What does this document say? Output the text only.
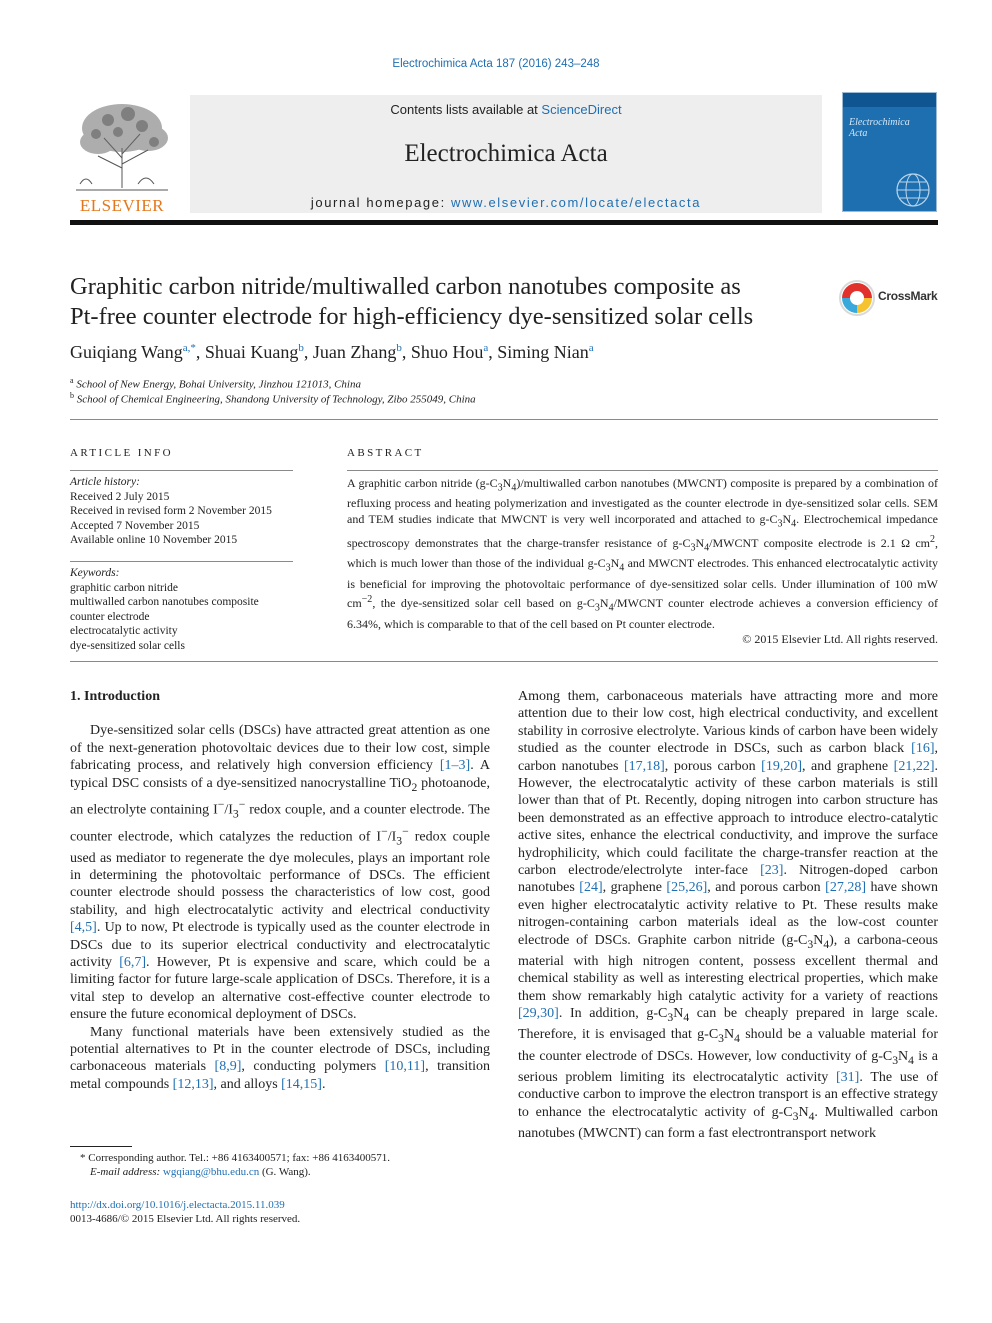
Electrochimica Acta 187 (2016) 243–248
ELSEVIER
Contents lists available at ScienceDirect
Electrochimica Acta
journal homepage: www.elsevier.com/locate/electacta
Electrochimica Acta
Graphitic carbon nitride/multiwalled carbon nanotubes composite as
Pt-free counter electrode for high-efficiency dye-sensitized solar cells
CrossMark
Guiqiang Wang$^{a,*}$, Shuai Kuang$^b$, Juan Zhang$^b$, Shuo Hou$^a$, Siming Nian$^a$
$^a$ School of New Energy, Bohai University, Jinzhou 121013, China
$^b$ School of Chemical Engineering, Shandong University of Technology, Zibo 255049, China
ARTICLE INFO
Article history:
Received 2 July 2015
Received in revised form 2 November 2015
Accepted 7 November 2015
Available online 10 November 2015
Keywords:
graphitic carbon nitride
multiwalled carbon nanotubes composite
counter electrode
electrocatalytic activity
dye-sensitized solar cells
ABSTRACT
A graphitic carbon nitride $(g-C_3N_4)$/multiwalled carbon nanotubes (MWCNT) composite is prepared by a combination of refluxing process and heating polymerization and investigated as the counter electrode in dye-sensitized solar cells. SEM and TEM studies indicate that MWCNT is very well incorporated and attached to $g-C_3N_4$. Electrochemical impedance spectroscopy demonstrates that the charge-transfer resistance of $g-C_3N_4$/MWCNT composite electrode is 2.1 Ω $cm^2$, which is much lower than those of the individual $g-C_3N_4$ and MWCNT electrodes. This enhanced electrocatalytic activity is beneficial for improving the photovoltaic performance of dye-sensitized solar cells. Under illumination of 100 mW $cm^{-2}$, the dye-sensitized solar cell based on $g-C_3N_4$/MWCNT counter electrode achieves a conversion efficiency of 6.34%, which is comparable to that of the cell based on Pt counter electrode.
© 2015 Elsevier Ltd. All rights reserved.
1. Introduction

Dye-sensitized solar cells (DSCs) have attracted great attention as one of the next-generation photovoltaic devices due to their low cost, simple fabricating process, and relatively high conversion efficiency [1–3]. A typical DSC consists of a dye-sensitized nanocrystalline TiO$_2$ photoanode, an electrolyte containing $I^-/I_3^-$ redox couple, and a counter electrode. The counter electrode, which catalyzes the reduction of $I^-/I_3^-$ redox couple used as mediator to regenerate the dye molecules, plays an important role in determining the photovoltaic performance of DSCs. The efficient counter electrode should possess the characteristics of low cost, good stability, and high electrocatalytic activity and electrical conductivity [4,5]. Up to now, Pt electrode is typically used as the counter electrode in DSCs due to its superior electrical conductivity and electrocatalytic activity [6,7]. However, Pt is expensive and scare, which could be a limiting factor for future large-scale application of DSCs. Therefore, it is a vital step to develop an alternative cost-effective counter electrode to ensure the future economical deployment of DSCs.

Many functional materials have been extensively studied as the potential alternatives to Pt in the counter electrode of DSCs, including carbonaceous materials [8,9], conducting polymers [10,11], transition metal compounds [12,13], and alloys [14,15].

* Corresponding author. Tel.: +86 4163400571; fax: +86 4163400571.
E-mail address: wgqiang@bhu.edu.cn (G. Wang).
http://dx.doi.org/10.1016/j.electacta.2015.11.039
0013-4686/© 2015 Elsevier Ltd. All rights reserved.

Among them, carbonaceous materials have attracting more and more attention due to their low cost, high electrical conductivity, and excellent stability in corrosive electrolyte. Various kinds of carbon have been widely studied as the counter electrode in DSCs, such as carbon black [16], carbon nanotubes [17,18], porous carbon [19,20], and graphene [21,22]. However, the electrocatalytic activity of these carbon materials is still lower than that of Pt. Recently, doping nitrogen into carbon structure has been demonstrated as an effective approach to introduce electro-catalytic active sites, enhance the electrical conductivity, and improve the surface hydrophilicity, which could facilitate the charge-transfer reaction at the carbon electrode/electrolyte inter-face [23]. Nitrogen-doped carbon nanotubes [24], graphene [25,26], and porous carbon [27,28] have shown even higher electrocatalytic activity relative to Pt. These results make nitrogen-containing carbon materials ideal as the low-cost counter electrode of DSCs. Graphite carbon nitride $(g-C_3N_4)$, a carbona-ceous material with high nitrogen content, possess excellent thermal and chemical stability as well as interesting electrical properties, which make them show remarkably high catalytic activity for a variety of reactions [29,30]. In addition, $g-C_3N_4$ can be cheaply prepared in large scale. Therefore, it is envisaged that $g-C_3N_4$ should be a valuable material for the counter electrode of DSCs. However, low conductivity of $g-C_3N_4$ is a serious problem limiting its electrocatalytic activity [31]. The use of conductive carbon to improve the electron transport is an effective strategy to enhance the electrocatalytic activity of $g-C_3N_4$. Multiwalled carbon nanotubes (MWCNT) can form a fast electrontransport network
